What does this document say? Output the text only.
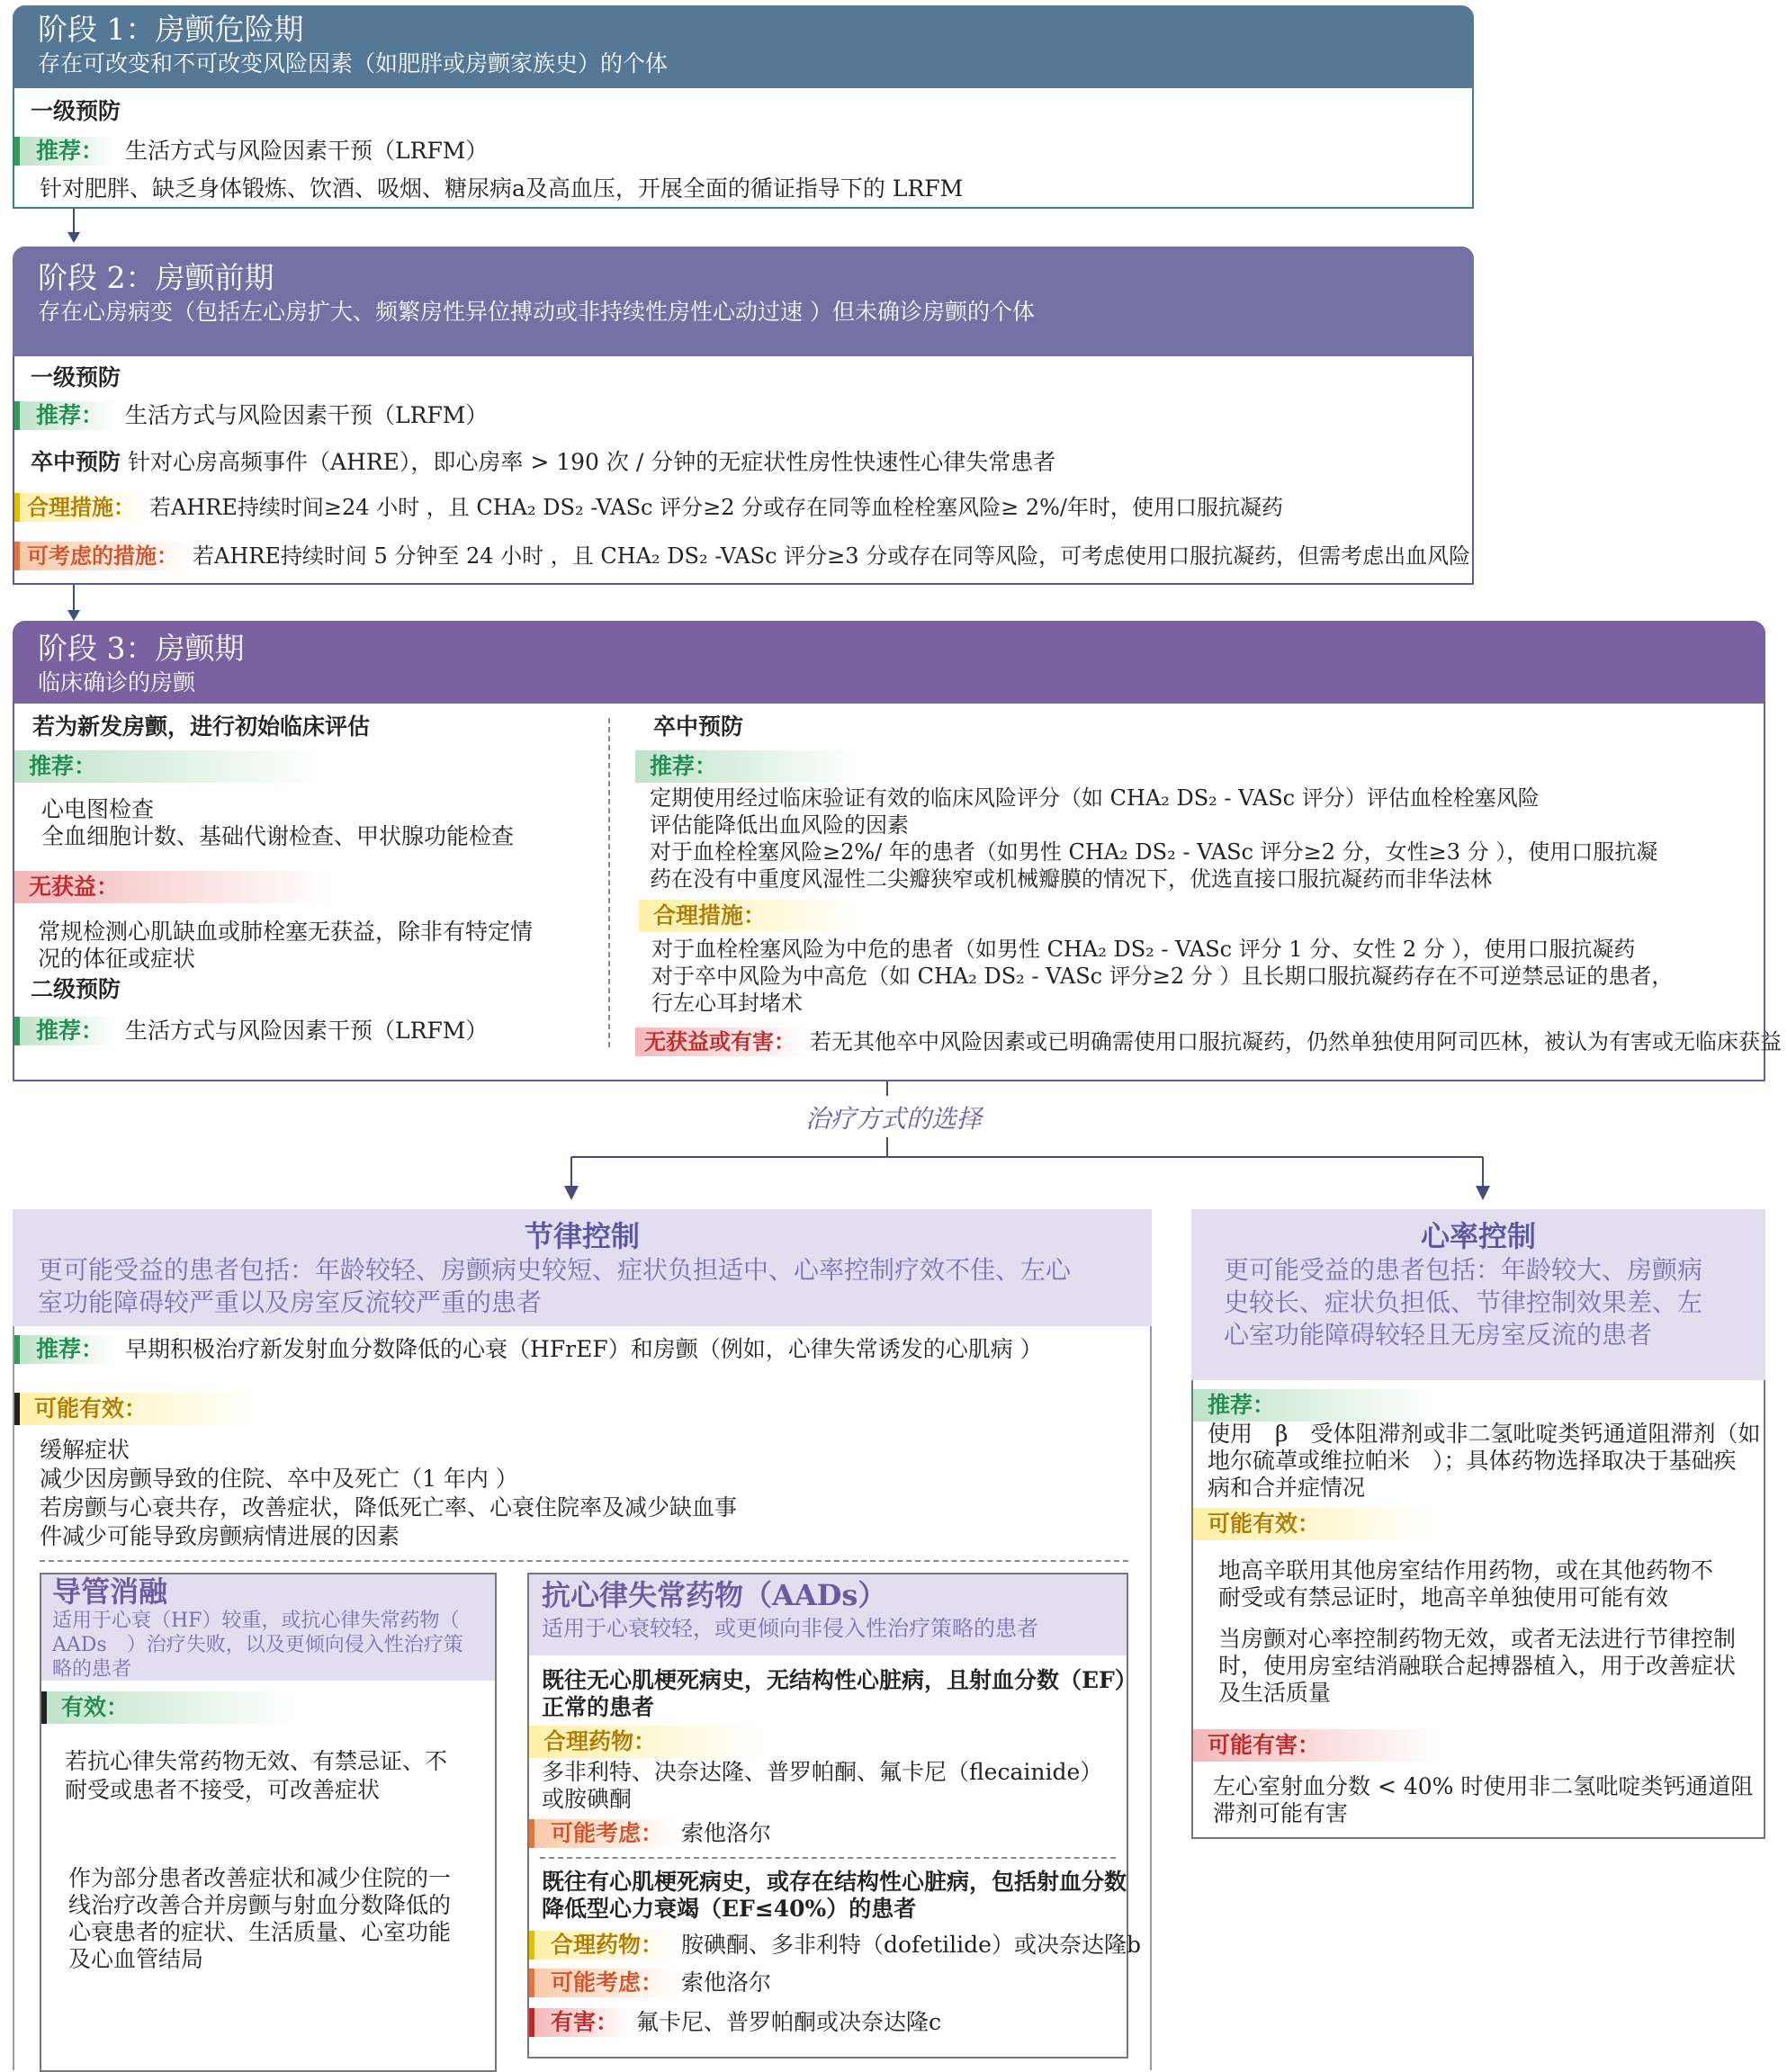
阶段 1：房颤危险期
存在可改变和不可改变风险因素（如肥胖或房颤家族史）的个体
一级预防
推荐： 生活方式与风险因素干预（LRFM）
针对肥胖、缺乏身体锻炼、饮酒、吸烟、糖尿病a及高血压，开展全面的循证指导下的 LRFM
阶段 2：房颤前期
存在心房病变（包括左心房扩大、频繁房性异位搏动或非持续性房性心动过速 ）但未确诊房颤的个体
一级预防
推荐： 生活方式与风险因素干预（LRFM）
卒中预防 针对心房高频事件（AHRE），即心房率 > 190 次 / 分钟的无症状性房性快速性心律失常患者
合理措施： 若AHRE持续时间≥24 小时 ，且 CHA₂ DS₂ -VASc 评分≥2 分或存在同等血栓栓塞风险≥ 2%/年时，使用口服抗凝药
可考虑的措施： 若AHRE持续时间 5 分钟至 24 小时 ，且 CHA₂ DS₂ -VASc 评分≥3 分或存在同等风险，可考虑使用口服抗凝药，但需考虑出血风险
阶段 3：房颤期
临床确诊的房颤
若为新发房颤，进行初始临床评估
推荐：
心电图检查
全血细胞计数、基础代谢检查、甲状腺功能检查
无获益：
常规检测心肌缺血或肺栓塞无获益，除非有特定情
况的体征或症状
二级预防
推荐： 生活方式与风险因素干预（LRFM）
卒中预防
推荐：
定期使用经过临床验证有效的临床风险评分（如 CHA₂ DS₂ - VASc 评分）评估血栓栓塞风险
评估能降低出血风险的因素
对于血栓栓塞风险≥2%/ 年的患者（如男性 CHA₂ DS₂ - VASc 评分≥2 分，女性≥3 分 ），使用口服抗凝
药在没有中重度风湿性二尖瓣狭窄或机械瓣膜的情况下，优选直接口服抗凝药而非华法林
合理措施：
对于血栓栓塞风险为中危的患者（如男性 CHA₂ DS₂ - VASc 评分 1 分、女性 2 分 ），使用口服抗凝药
对于卒中风险为中高危（如 CHA₂ DS₂ - VASc 评分≥2 分 ）且长期口服抗凝药存在不可逆禁忌证的患者，
行左心耳封堵术
无获益或有害： 若无其他卒中风险因素或已明确需使用口服抗凝药，仍然单独使用阿司匹林，被认为有害或无临床获益
治疗方式的选择
节律控制
更可能受益的患者包括：年龄较轻、房颤病史较短、症状负担适中、心率控制疗效不佳、左心
室功能障碍较严重以及房室反流较严重的患者
推荐： 早期积极治疗新发射血分数降低的心衰（HFrEF）和房颤（例如，心律失常诱发的心肌病 ）
可能有效：
缓解症状
减少因房颤导致的住院、卒中及死亡（1 年内 ）
若房颤与心衰共存，改善症状，降低死亡率、心衰住院率及减少缺血事
件减少可能导致房颤病情进展的因素
导管消融
适用于心衰（HF）较重，或抗心律失常药物（
AADs　）治疗失败，以及更倾向侵入性治疗策
略的患者
有效：
若抗心律失常药物无效、有禁忌证、不
耐受或患者不接受，可改善症状
作为部分患者改善症状和减少住院的一
线治疗改善合并房颤与射血分数降低的
心衰患者的症状、生活质量、心室功能
及心血管结局
抗心律失常药物（AADs）
适用于心衰较轻，或更倾向非侵入性治疗策略的患者
既往无心肌梗死病史，无结构性心脏病，且射血分数（EF）
正常的患者
合理药物：
多非利特、决奈达隆、普罗帕酮、氟卡尼（flecainide）
或胺碘酮
可能考虑： 索他洛尔
既往有心肌梗死病史，或存在结构性心脏病，包括射血分数
降低型心力衰竭（EF≤40%）的患者
合理药物： 胺碘酮、多非利特（dofetilide）或决奈达隆b
可能考虑： 索他洛尔
有害： 氟卡尼、普罗帕酮或决奈达隆c
心率控制
更可能受益的患者包括：年龄较大、房颤病
史较长、症状负担低、节律控制效果差、左
心室功能障碍较轻且无房室反流的患者
推荐：
使用　β　受体阻滞剂或非二氢吡啶类钙通道阻滞剂（如
地尔硫䓬或维拉帕米　）；具体药物选择取决于基础疾
病和合并症情况
可能有效：
地高辛联用其他房室结作用药物，或在其他药物不
耐受或有禁忌证时，地高辛单独使用可能有效
当房颤对心率控制药物无效，或者无法进行节律控制
时，使用房室结消融联合起搏器植入，用于改善症状
及生活质量
可能有害：
左心室射血分数 < 40% 时使用非二氢吡啶类钙通道阻
滞剂可能有害
